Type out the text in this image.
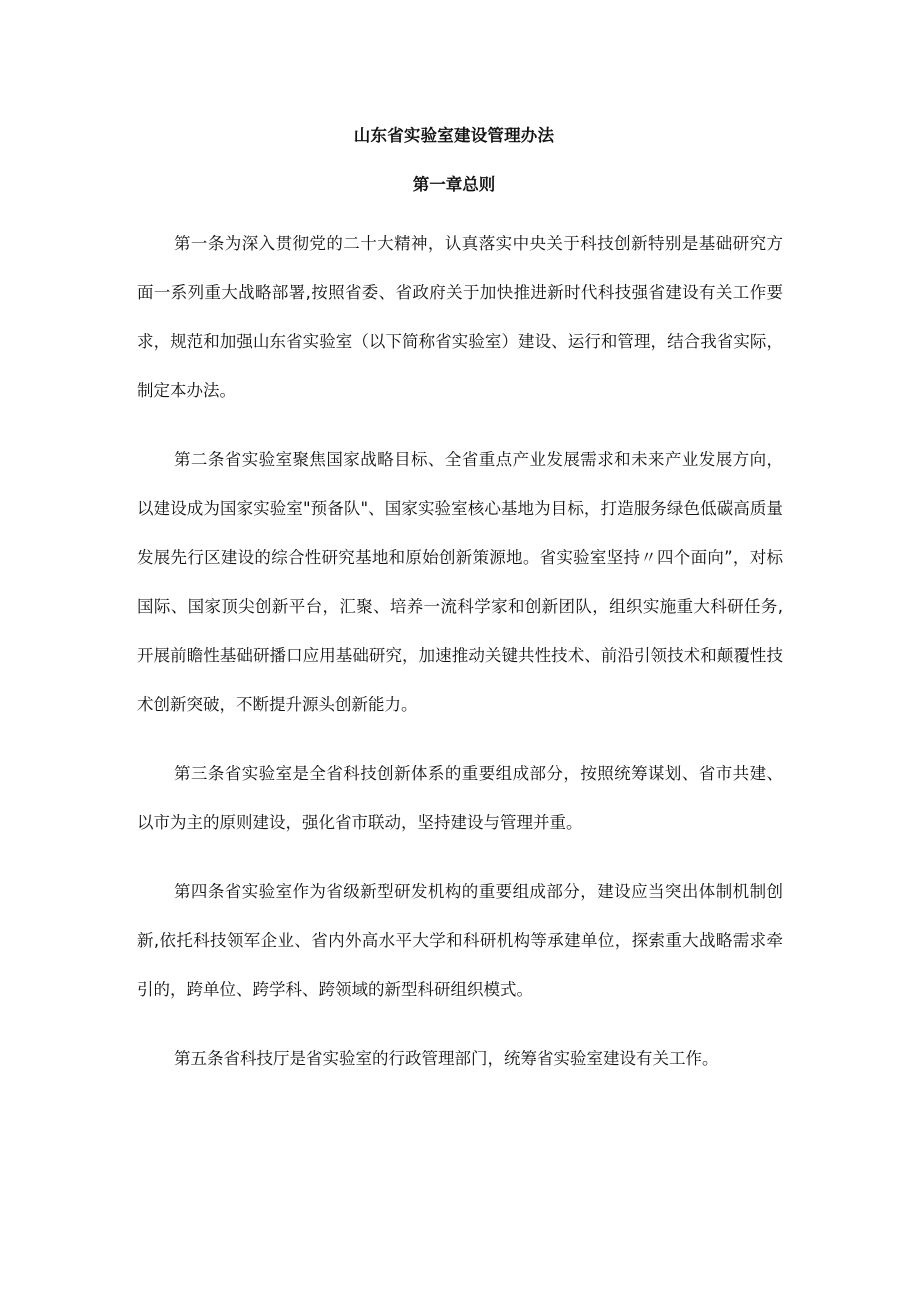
山东省实验室建设管理办法
第一章总则

第一条为深入贯彻党的二十大精神，认真落实中央关于科技创新特别是基础研究方面一系列重大战略部署,按照省委、省政府关于加快推进新时代科技强省建设有关工作要求，规范和加强山东省实验室（以下简称省实验室）建设、运行和管理，结合我省实际，制定本办法。

第二条省实验室聚焦国家战略目标、全省重点产业发展需求和未来产业发展方向，以建设成为国家实验室"预备队"、国家实验室核心基地为目标，打造服务绿色低碳高质量发展先行区建设的综合性研究基地和原始创新策源地。省实验室坚持〃四个面向”，对标国际、国家顶尖创新平台，汇聚、培养一流科学家和创新团队，组织实施重大科研任务,开展前瞻性基础研播口应用基础研究，加速推动关键共性技术、前沿引领技术和颠覆性技术创新突破，不断提升源头创新能力。

第三条省实验室是全省科技创新体系的重要组成部分，按照统筹谋划、省市共建、以市为主的原则建设，强化省市联动，坚持建设与管理并重。

第四条省实验室作为省级新型研发机构的重要组成部分，建设应当突出体制机制创新,依托科技领军企业、省内外高水平大学和科研机构等承建单位，探索重大战略需求牵引的，跨单位、跨学科、跨领域的新型科研组织模式。

第五条省科技厅是省实验室的行政管理部门，统筹省实验室建设有关工作。
